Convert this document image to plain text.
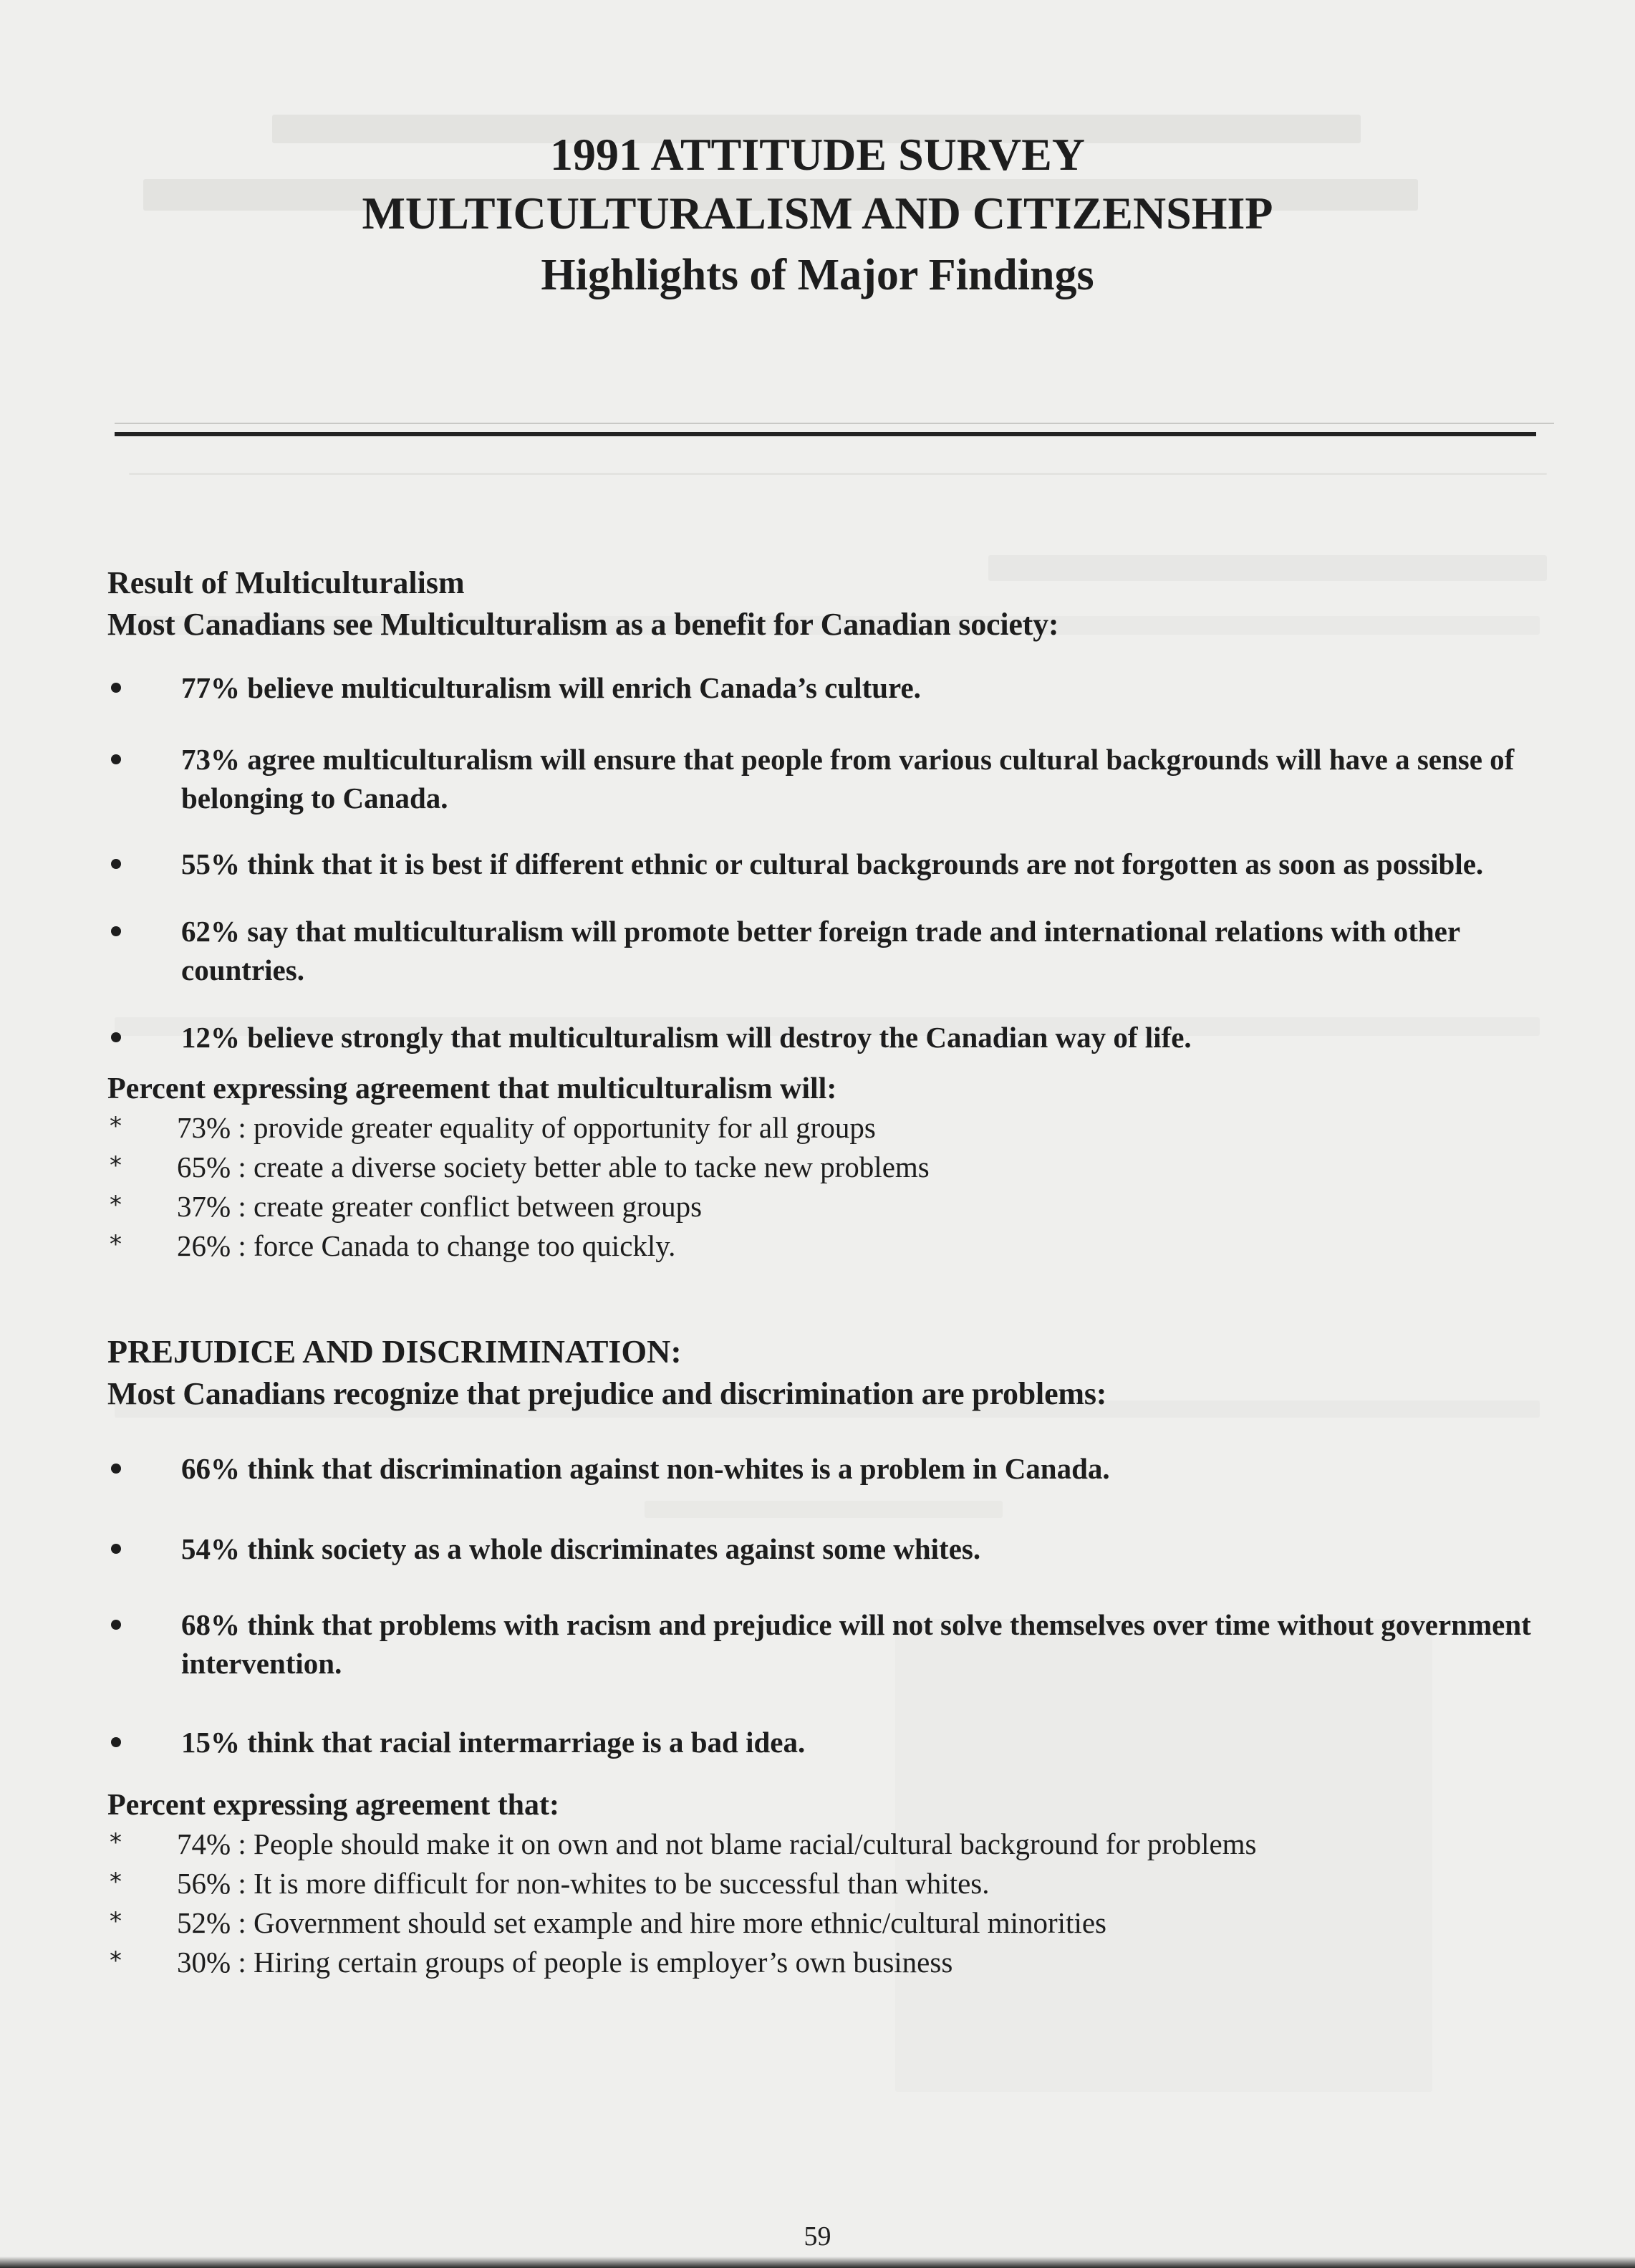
1991 ATTITUDE SURVEY
MULTICULTURALISM AND CITIZENSHIP
Highlights of Major Findings
Result of Multiculturalism
Most Canadians see Multiculturalism as a benefit for Canadian society:
77% believe multiculturalism will enrich Canada’s culture.
73% agree multiculturalism will ensure that people from various cultural backgrounds will have a sense of belonging to Canada.
55% think that it is best if different ethnic or cultural backgrounds are not forgotten as soon as possible.
62% say that multiculturalism will promote better foreign trade and international relations with other countries.
12% believe strongly that multiculturalism will destroy the Canadian way of life.
Percent expressing agreement that multiculturalism will:
* 73% : provide greater equality of opportunity for all groups
* 65% : create a diverse society better able to tacke new problems
* 37% : create greater conflict between groups
* 26% : force Canada to change too quickly.
PREJUDICE AND DISCRIMINATION:
Most Canadians recognize that prejudice and discrimination are problems:
66% think that discrimination against non-whites is a problem in Canada.
54% think society as a whole discriminates against some whites.
68% think that problems with racism and prejudice will not solve themselves over time without government intervention.
15% think that racial intermarriage is a bad idea.
Percent expressing agreement that:
* 74% : People should make it on own and not blame racial/cultural background for problems
* 56% : It is more difficult for non-whites to be successful than whites.
* 52% : Government should set example and hire more ethnic/cultural minorities
* 30% : Hiring certain groups of people is employer’s own business
59
